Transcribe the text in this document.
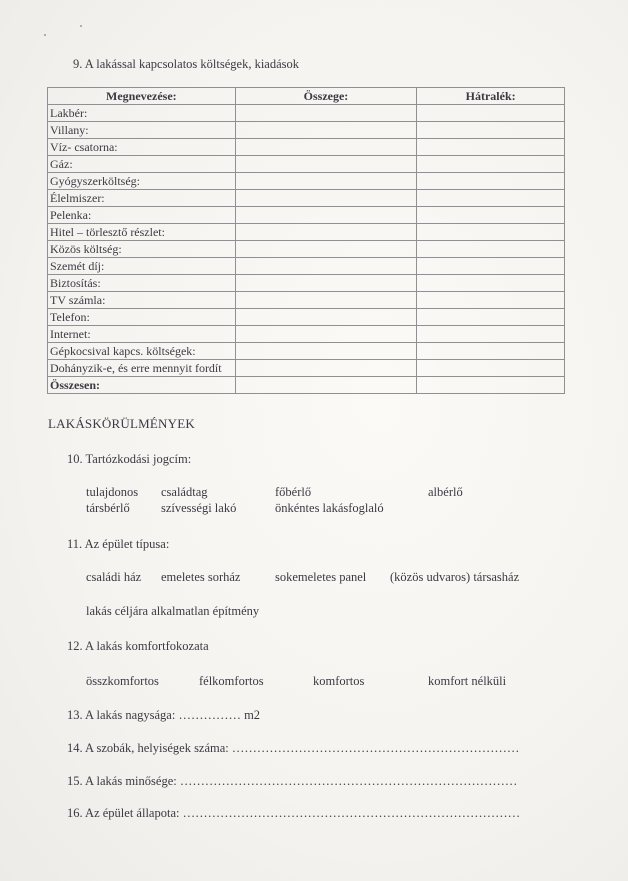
9. A lakással kapcsolatos költségek, kiadások
Megnevezése:	Összege:	Hátralék:
Lakbér:		
Villany:		
Víz- csatorna:		
Gáz:		
Gyógyszerköltség:		
Élelmiszer:		
Pelenka:		
Hitel – törlesztő részlet:		
Közös költség:		
Szemét díj:		
Biztosítás:		
TV számla:		
Telefon:		
Internet:		
Gépkocsival kapcs. költségek:		
Dohányzik-e, és erre mennyit fordít		
Összesen:		
LAKÁSKÖRÜLMÉNYEK
10. Tartózkodási jogcím:
tulajdonos családtag	főbérlő	albérlő
társbérlő	szívességi lakó	önkéntes lakásfoglaló
11. Az épület típusa:
családi ház emeletes sorház	sokemeletes panel (közös udvaros) társasház
lakás céljára alkalmatlan építmény
12. A lakás komfortfokozata
összkomfortos	félkomfortos	komfortos	komfort nélküli
13. A lakás nagysága: …………… m2
14. A szobák, helyiségek száma: ……………………………………………………………
15. A lakás minősége: ………………………………………………………………………
16. Az épület állapota: ………………………………………………………………………
